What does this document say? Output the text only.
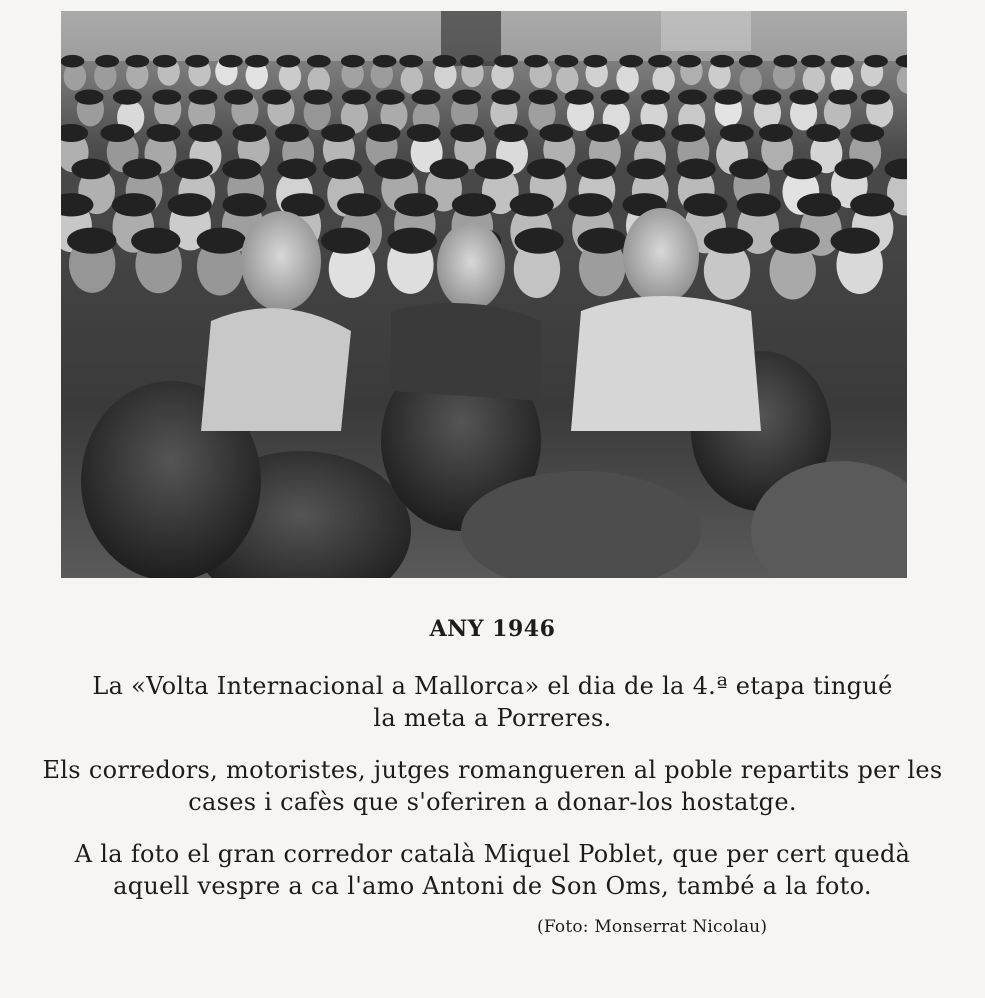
ANY 1946

La «Volta Internacional a Mallorca» el dia de la 4.ª etapa tingué
la meta a Porreres.

Els corredors, motoristes, jutges romangueren al poble repartits per les
cases i cafès que s'oferiren a donar-los hostatge.

A la foto el gran corredor català Miquel Poblet, que per cert quedà
aquell vespre a ca l'amo Antoni de Son Oms, també a la foto.

(Foto: Monserrat Nicolau)
